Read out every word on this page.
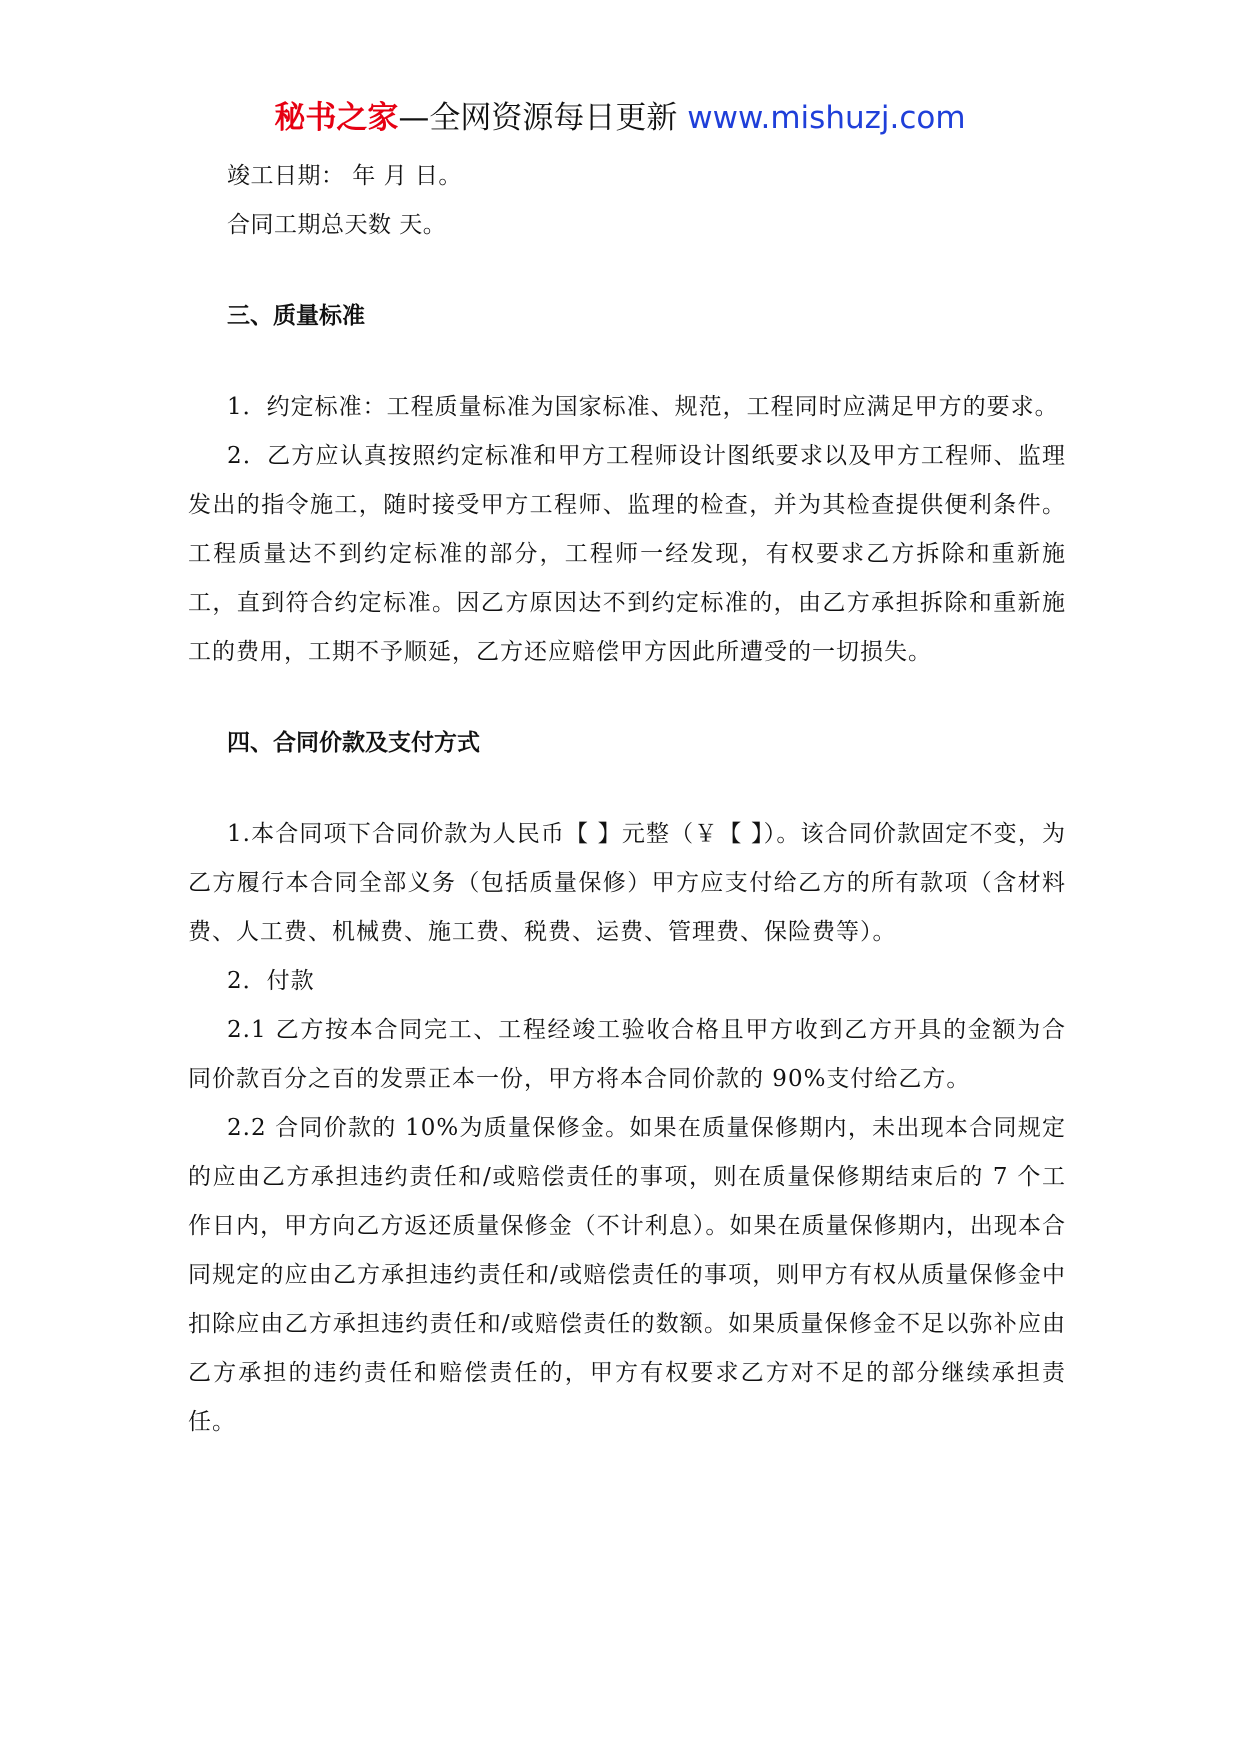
秘书之家—全网资源每日更新 www.mishuzj.com
竣工日期： 年 月 日。
合同工期总天数 天。
三、质量标准
1．约定标准：工程质量标准为国家标准、规范，工程同时应满足甲方的要求。
2．乙方应认真按照约定标准和甲方工程师设计图纸要求以及甲方工程师、监理发出的指令施工，随时接受甲方工程师、监理的检查，并为其检查提供便利条件。工程质量达不到约定标准的部分，工程师一经发现，有权要求乙方拆除和重新施工，直到符合约定标准。因乙方原因达不到约定标准的，由乙方承担拆除和重新施工的费用，工期不予顺延，乙方还应赔偿甲方因此所遭受的一切损失。
四、合同价款及支付方式
1.本合同项下合同价款为人民币【 】元整（￥【 】）。该合同价款固定不变，为乙方履行本合同全部义务（包括质量保修）甲方应支付给乙方的所有款项（含材料费、人工费、机械费、施工费、税费、运费、管理费、保险费等）。
2．付款
2.1 乙方按本合同完工、工程经竣工验收合格且甲方收到乙方开具的金额为合同价款百分之百的发票正本一份，甲方将本合同价款的 90%支付给乙方。
2.2 合同价款的 10%为质量保修金。如果在质量保修期内，未出现本合同规定的应由乙方承担违约责任和/或赔偿责任的事项，则在质量保修期结束后的 7 个工作日内，甲方向乙方返还质量保修金（不计利息）。如果在质量保修期内，出现本合同规定的应由乙方承担违约责任和/或赔偿责任的事项，则甲方有权从质量保修金中扣除应由乙方承担违约责任和/或赔偿责任的数额。如果质量保修金不足以弥补应由乙方承担的违约责任和赔偿责任的，甲方有权要求乙方对不足的部分继续承担责任。
